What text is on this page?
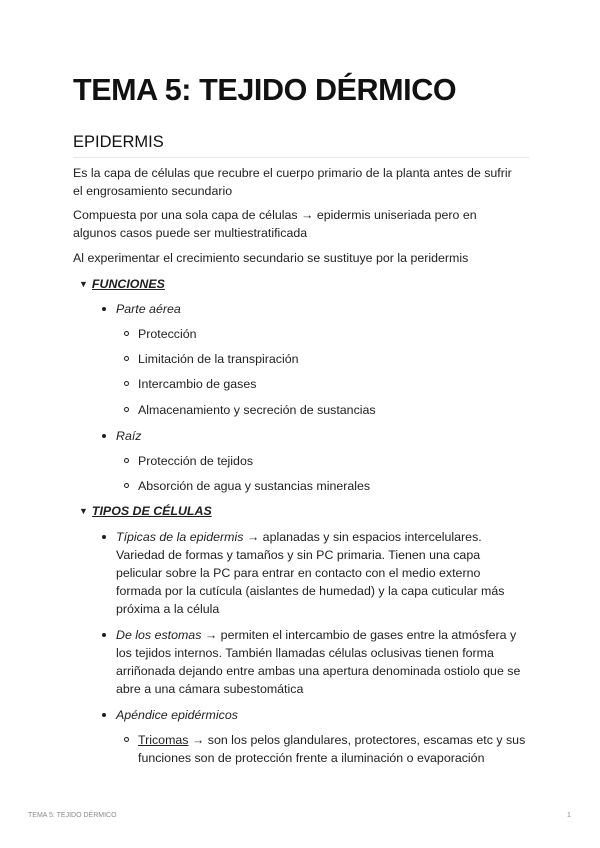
TEMA 5: TEJIDO DÉRMICO
EPIDERMIS

Es la capa de células que recubre el cuerpo primario de la planta antes de sufrir el engrosamiento secundario

Compuesta por una sola capa de células → epidermis uniseriada pero en algunos casos puede ser multiestratificada

Al experimentar el crecimiento secundario se sustituye por la peridermis

▼ FUNCIONES
Parte aérea
Protección
Limitación de la transpiración
Intercambio de gases
Almacenamiento y secreción de sustancias
Raíz
Protección de tejidos
Absorción de agua y sustancias minerales
▼ TIPOS DE CÉLULAS
Típicas de la epidermis → aplanadas y sin espacios intercelulares. Variedad de formas y tamaños y sin PC primaria. Tienen una capa pelicular sobre la PC para entrar en contacto con el medio externo formada por la cutícula (aislantes de humedad) y la capa cuticular más próxima a la célula
De los estomas → permiten el intercambio de gases entre la atmósfera y los tejidos internos. También llamadas células oclusivas tienen forma arriñonada dejando entre ambas una apertura denominada ostiolo que se abre a una cámara subestomática
Apéndice epidérmicos
Tricomas → son los pelos glandulares, protectores, escamas etc y sus funciones son de protección frente a iluminación o evaporación
TEMA 5: TEJIDO DÉRMICO	1
